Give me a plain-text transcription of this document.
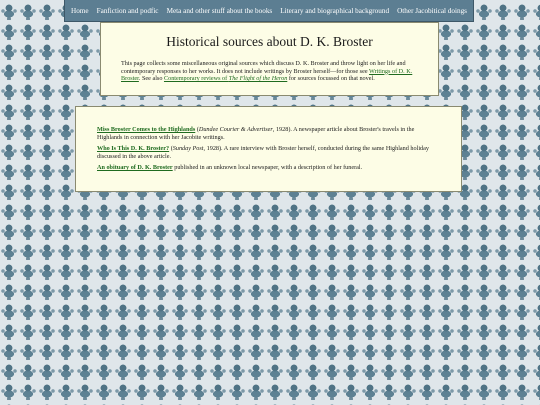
Home Fanfiction and podfic Meta and other stuff about the books Literary and biographical background Other Jacobitical doings
Historical sources about D. K. Broster

This page collects some miscellaneous original sources which discuss D. K. Broster and throw light on her life and contemporary responses to her works. It does not include writings by Broster herself—for those see Writings of D. K. Broster. See also Contemporary reviews of The Flight of the Heron for sources focussed on that novel.

Miss Broster Comes to the Highlands (Dundee Courier & Advertiser, 1928). A newspaper article about Broster's travels in the Highlands in connection with her Jacobite writings.

Who Is This D. K. Broster? (Sunday Post, 1928). A rare interview with Broster herself, conducted during the same Highland holiday discussed in the above article.

An obituary of D. K. Broster published in an unknown local newspaper, with a description of her funeral.
